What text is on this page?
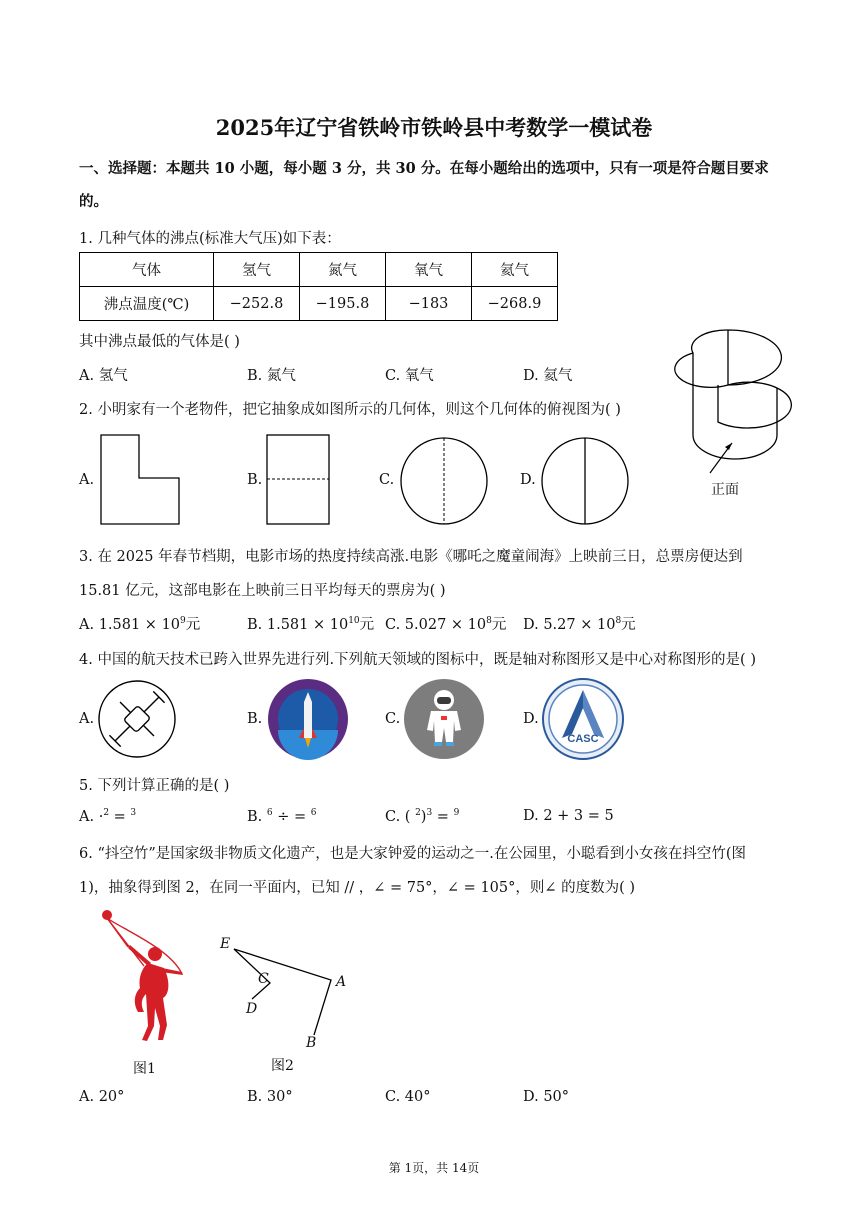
2025年辽宁省铁岭市铁岭县中考数学一模试卷
一、选择题：本题共 10 小题，每小题 3 分，共 30 分。在每小题给出的选项中，只有一项是符合题目要求
的。
1. 几种气体的沸点(标准大气压)如下表：
气体	氢气	氮气	氧气	氦气
沸点温度(℃)	−252.8	−195.8	−183	−268.9
其中沸点最低的气体是( )
A. 氢气	B. 氮气	C. 氧气	D. 氦气
2. 小明家有一个老物件，把它抽象成如图所示的几何体，则这个几何体的俯视图为( )
正面
A.	B.	C.	D.
3. 在 2025 年春节档期，电影市场的热度持续高涨.电影《哪吒之魔童闹海》上映前三日，总票房便达到
15.81 亿元，这部电影在上映前三日平均每天的票房为( )
A. $1.581 \times 10^9$元	B. $1.581 \times 10^{10}$元 C. $5.027 \times 10^8$元 D. $5.27 \times 10^8$元
4. 中国的航天技术已跨入世界先进行列.下列航天领域的图标中，既是轴对称图形又是中心对称图形的是( )
A.	B.	C.	D.
CASC
5. 下列计算正确的是( )
A. ·$^2$ = $^3$	B. $^6$ ÷ = $^6$	C. ( $^2$)$^3$ = $^9$	D. 2 + 3 = 5
6. “抖空竹”是国家级非物质文化遗产，也是大家钟爱的运动之一.在公园里，小聪看到小女孩在抖空竹(图
1)，抽象得到图 2，在同一平面内，已知 // ，∠ = 75°，∠ = 105°，则∠ 的度数为( )
图1
E
C
D
A
B
图2
A. 20°	B. 30°	C. 40°	D. 50°
第 1页，共 14页
